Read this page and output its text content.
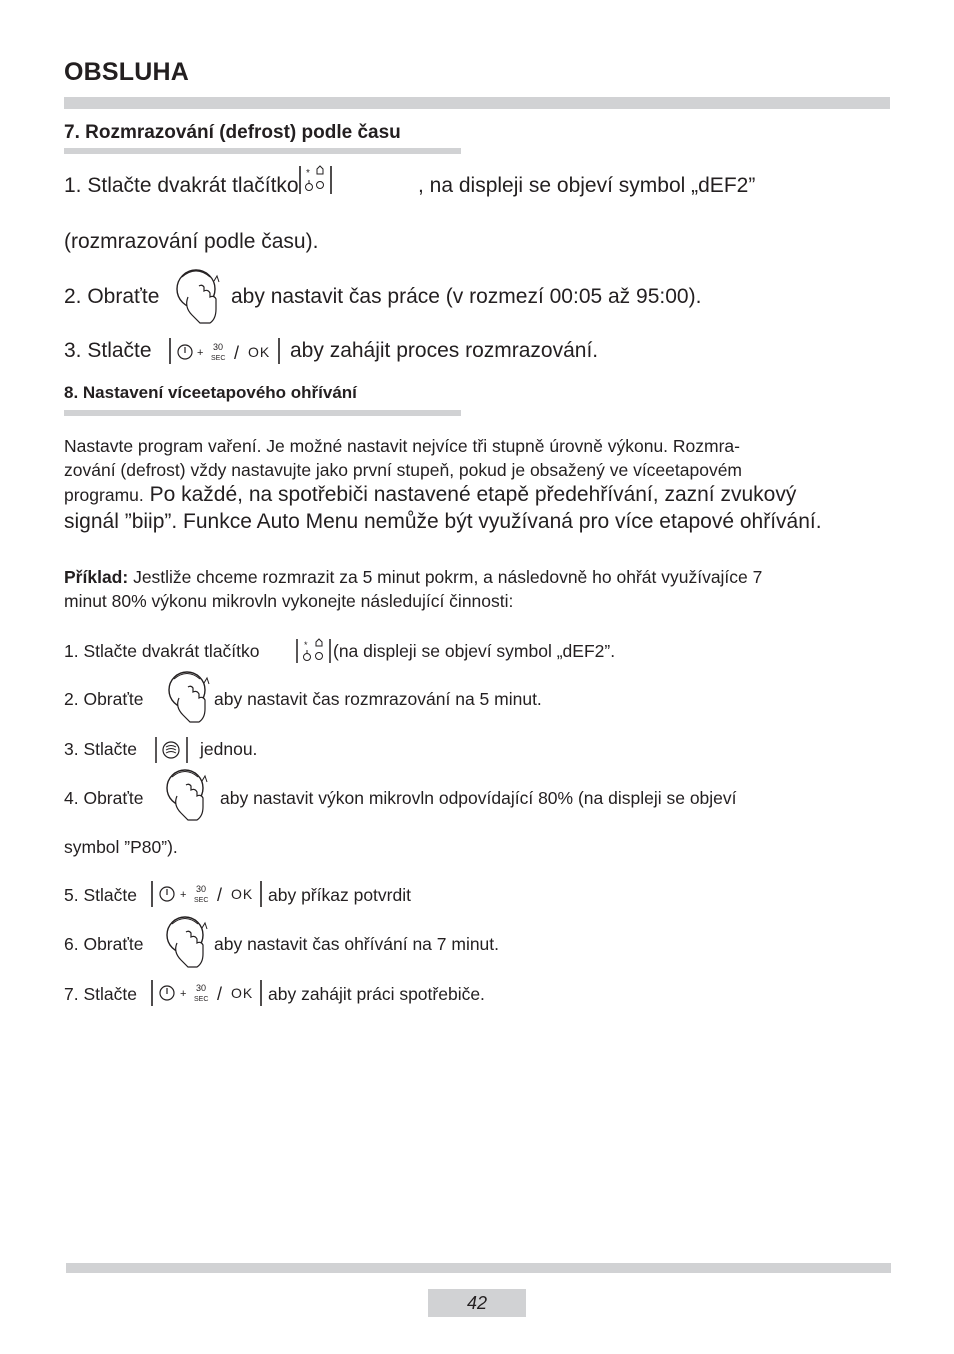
OBSLUHA
7. Rozmrazování (defrost) podle času
1. Stlačte dvakrát tlačítko
*
, na displeji se objeví symbol „dEF2”
(rozmrazování podle času).
2. Obraťte	aby nastavit čas práce (v rozmezí 00:05 až 95:00).
3. Stlačte	+ 30
SEC / OK aby zahájit proces rozmrazování.
8. Nastavení víceetapového ohřívání
Nastavte program vaření. Je možné nastavit nejvíce tři stupně úrovně výkonu. Rozmra-
zování (defrost) vždy nastavujte jako první stupeň, pokud je obsažený ve víceetapovém
programu. Po každé, na spotřebiči nastavené etapě předehřívání, zazní zvukový
signál ”biip”. Funkce Auto Menu nemůže být využívaná pro více etapové ohřívání.
Příklad: Jestliže chceme rozmrazit za 5 minut pokrm, a následovně ho ohřát využívajíce 7
minut 80% výkonu mikrovln vykonejte následující činnosti:
1. Stlačte dvakrát tlačítko	* (na displeji se objeví symbol „dEF2”.
2. Obraťte	aby nastavit čas rozmrazování na 5 minut.
3. Stlačte	jednou.
4. Obraťte	aby nastavit výkon mikrovln odpovídající 80% (na displeji se objeví
symbol ”P80”).
5. Stlačte	+ 30
SEC / OK aby příkaz potvrdit
6. Obraťte	aby nastavit čas ohřívání na 7 minut.
7. Stlačte	+ 30
SEC / OK aby zahájit práci spotřebiče.
42
